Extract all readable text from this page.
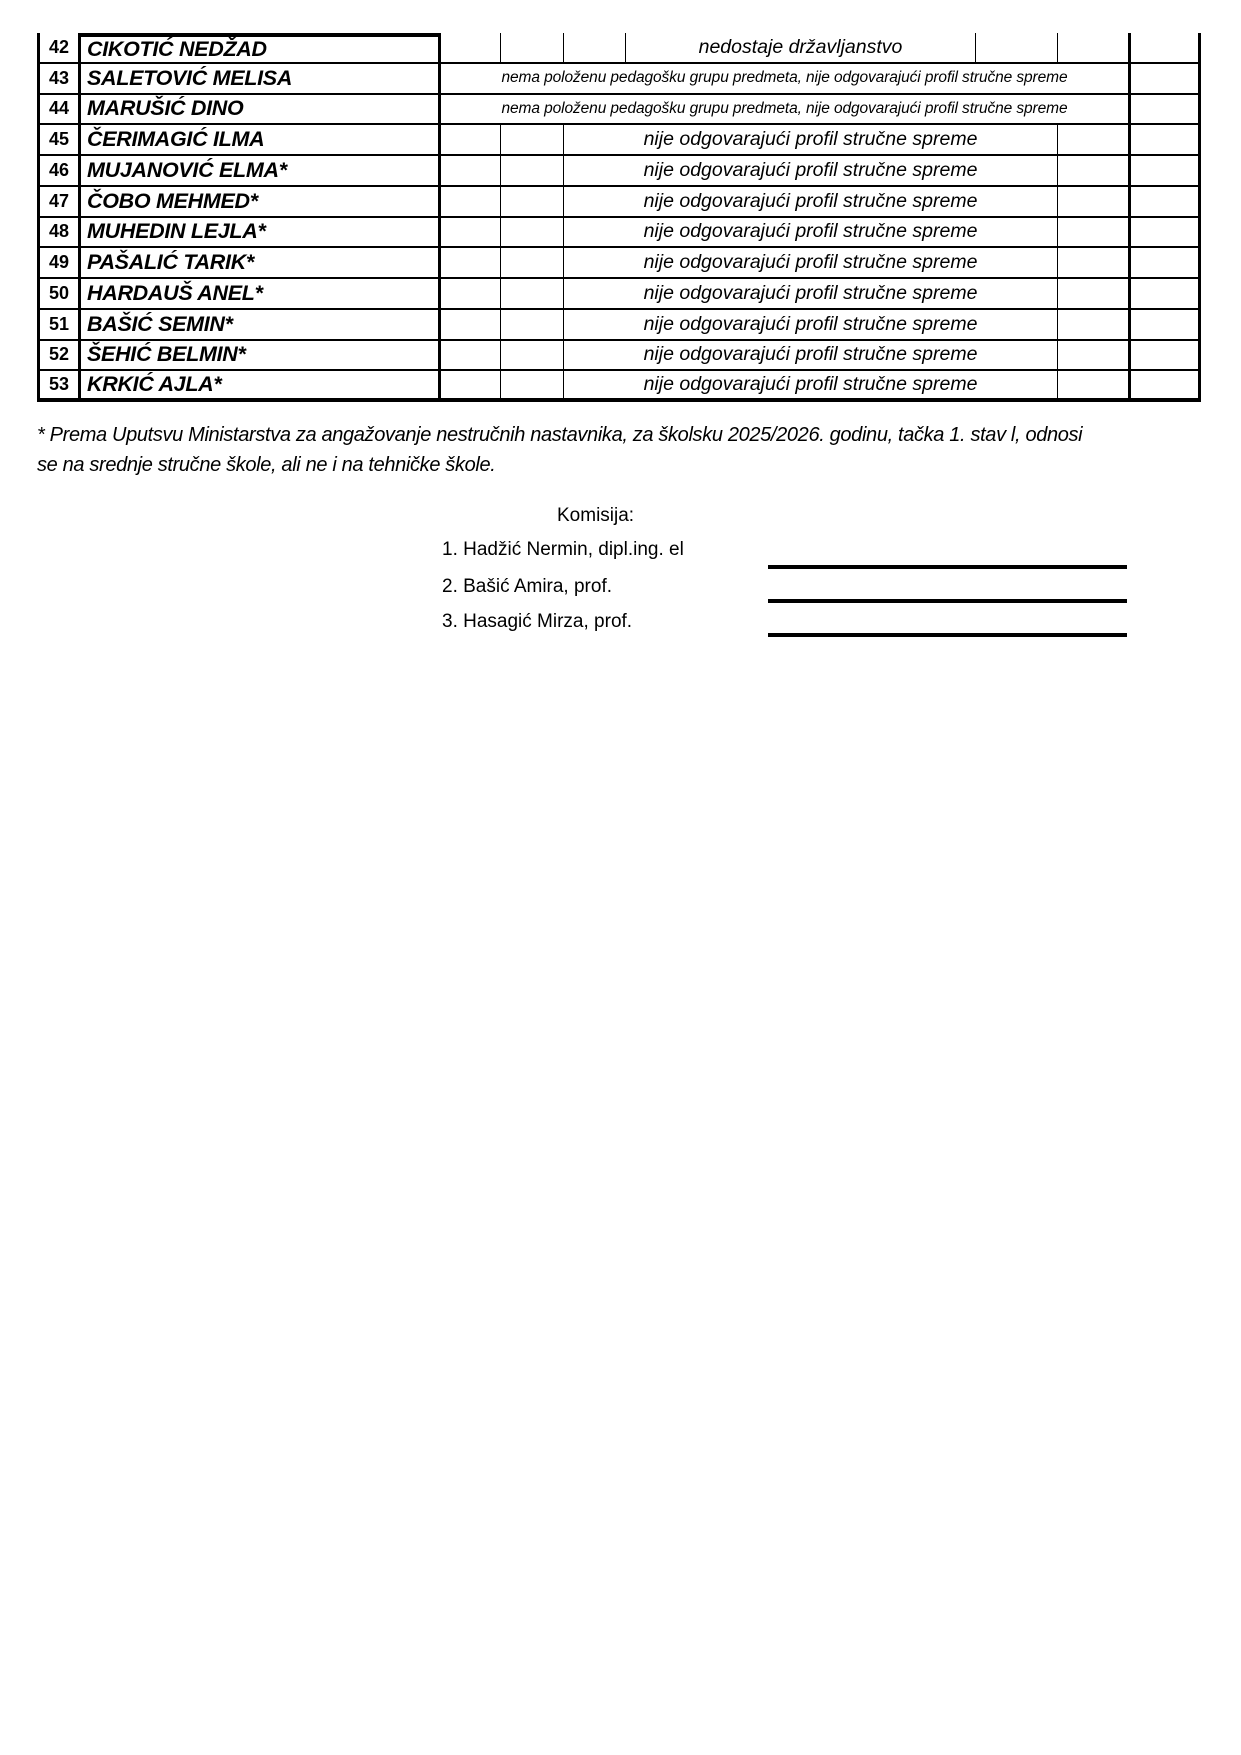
42 CIKOTIĆ NEDŽAD	nedostaje državljanstvo
43 SALETOVIĆ MELISA	nema položenu pedagošku grupu predmeta, nije odgovarajući profil stručne spreme
44 MARUŠIĆ DINO	nema položenu pedagošku grupu predmeta, nije odgovarajući profil stručne spreme
45 ČERIMAGIĆ ILMA	nije odgovarajući profil stručne spreme
46 MUJANOVIĆ ELMA*	nije odgovarajući profil stručne spreme
47 ČOBO MEHMED*	nije odgovarajući profil stručne spreme
48 MUHEDIN LEJLA*	nije odgovarajući profil stručne spreme
49 PAŠALIĆ TARIK*	nije odgovarajući profil stručne spreme
50 HARDAUŠ ANEL*	nije odgovarajući profil stručne spreme
51 BAŠIĆ SEMIN*	nije odgovarajući profil stručne spreme
52 ŠEHIĆ BELMIN*	nije odgovarajući profil stručne spreme
53 KRKIĆ AJLA*	nije odgovarajući profil stručne spreme
* Prema Uputsvu Ministarstva za angažovanje nestručnih nastavnika, za školsku 2025/2026. godinu, tačka 1. stav l, odnosi
se na srednje stručne škole, ali ne i na tehničke škole.
Komisija:
1. Hadžić Nermin, dipl.ing. el
2. Bašić Amira, prof.
3. Hasagić Mirza, prof.
